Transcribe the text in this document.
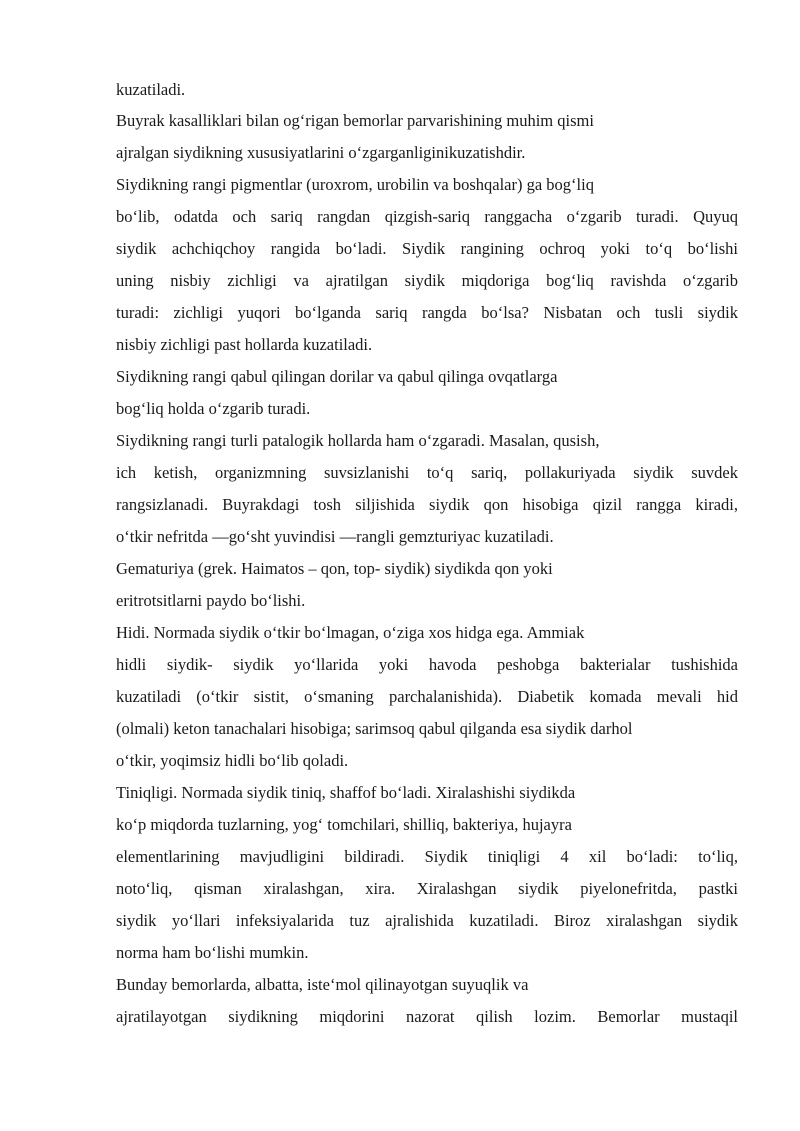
kuzatiladi.
Buyrak kasalliklari bilan og‘rigan bemorlar parvarishining muhim qismi
ajralgan siydikning xususiyatlarini o‘zgarganliginikuzatishdir.
Siydikning rangi pigmentlar (uroxrom, urobilin va boshqalar) ga bog‘liq
bo‘lib, odatda och sariq rangdan qizgish-sariq ranggacha o‘zgarib turadi. Quyuq
siydik achchiqchoy rangida bo‘ladi. Siydik rangining ochroq yoki to‘q bo‘lishi
uning nisbiy zichligi va ajratilgan siydik miqdoriga bog‘liq ravishda o‘zgarib
turadi: zichligi yuqori bo‘lganda sariq rangda bo‘lsa? Nisbatan och tusli siydik
nisbiy zichligi past hollarda kuzatiladi.
Siydikning rangi qabul qilingan dorilar va qabul qilinga ovqatlarga
bog‘liq holda o‘zgarib turadi.
Siydikning rangi turli patalogik hollarda ham o‘zgaradi. Masalan, qusish,
ich ketish, organizmning suvsizlanishi to‘q sariq, pollakuriyada siydik suvdek
rangsizlanadi. Buyrakdagi tosh siljishida siydik qon hisobiga qizil rangga kiradi,
o‘tkir nefritda —go‘sht yuvindisi —rangli gemzturiyac kuzatiladi.
Gematuriya (grek. Haimatos – qon, top- siydik) siydikda qon yoki
eritrotsitlarni paydo bo‘lishi.
Hidi. Normada siydik o‘tkir bo‘lmagan, o‘ziga xos hidga ega. Ammiak
hidli siydik- siydik yo‘llarida yoki havoda peshobga bakterialar tushishida
kuzatiladi (o‘tkir sistit, o‘smaning parchalanishida). Diabetik komada mevali hid
(olmali) keton tanachalari hisobiga; sarimsoq qabul qilganda esa siydik darhol
o‘tkir, yoqimsiz hidli bo‘lib qoladi.
Tiniqligi. Normada siydik tiniq, shaffof bo‘ladi. Xiralashishi siydikda
ko‘p miqdorda tuzlarning, yog‘ tomchilari, shilliq, bakteriya, hujayra
elementlarining mavjudligini bildiradi. Siydik tiniqligi 4 xil bo‘ladi: to‘liq,
noto‘liq, qisman xiralashgan, xira. Xiralashgan siydik piyelonefritda, pastki
siydik yo‘llari infeksiyalarida tuz ajralishida kuzatiladi. Biroz xiralashgan siydik
norma ham bo‘lishi mumkin.
Bunday bemorlarda, albatta, iste‘mol qilinayotgan suyuqlik va
ajratilayotgan siydikning miqdorini nazorat qilish lozim. Bemorlar mustaqil
